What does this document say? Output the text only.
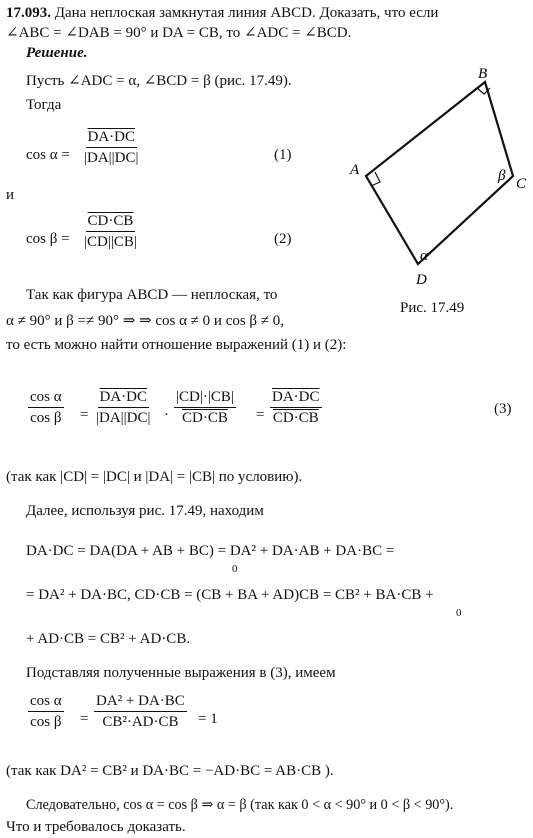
17.093. Дана неплоская замкнутая линия ABCD. Доказать, что если
∠ABC = ∠DAB = 90° и DA = CB, то ∠ADC = ∠BCD.
Решение.
Пусть ∠ADC = α, ∠BCD = β (рис. 17.49).
Тогда
$\cos \alpha = \frac{DA\cdot DC}{|DA||DC|}$	(1)
и
$\cos \beta = \frac{CD\cdot CB}{|CD||CB|}$	(2)
Так как фигура ABCD — неплоская, то
α ≠ 90° и β =≠ 90° ⇒ ⇒ cos α ≠ 0 и cos β ≠ 0,
то есть можно найти отношение выражений (1) и (2):
$\frac{\text{cos α}}{\text{cos β}} = \frac{DA\cdot DC}{|DA||DC|} \cdot \frac{|CD|\cdot|CB|}{CD\cdot CB} = \frac{DA\cdot DC}{CD\cdot CB}$	(3)
(так как |CD| = |DC| и |DA| = |CB| по условию).
Далее, используя рис. 17.49, находим
DA·DC = DA(DA + AB + BC) = DA² + DA·AB + DA·BC =
0
= DA² + DA·BC, CD·CB = (CB + BA + AD)CB = CB² + BA·CB +
0
+ AD·CB = CB² + AD·CB.
Подставляя полученные выражения в (3), имеем
$\frac{\text{cos α}}{\text{cos β}} = \frac{\text{DA² + DA·BC}}{\text{CB²·AD·CB}} = 1$
(так как DA² = CB² и DA·BC = −AD·BC = AB·CB ).
Следовательно, cos α = cos β ⇒ α = β (так как 0 < α < 90° и 0 < β < 90°).
Что и требовалось доказать.
A
B
C
D
α
β
Рис. 17.49
